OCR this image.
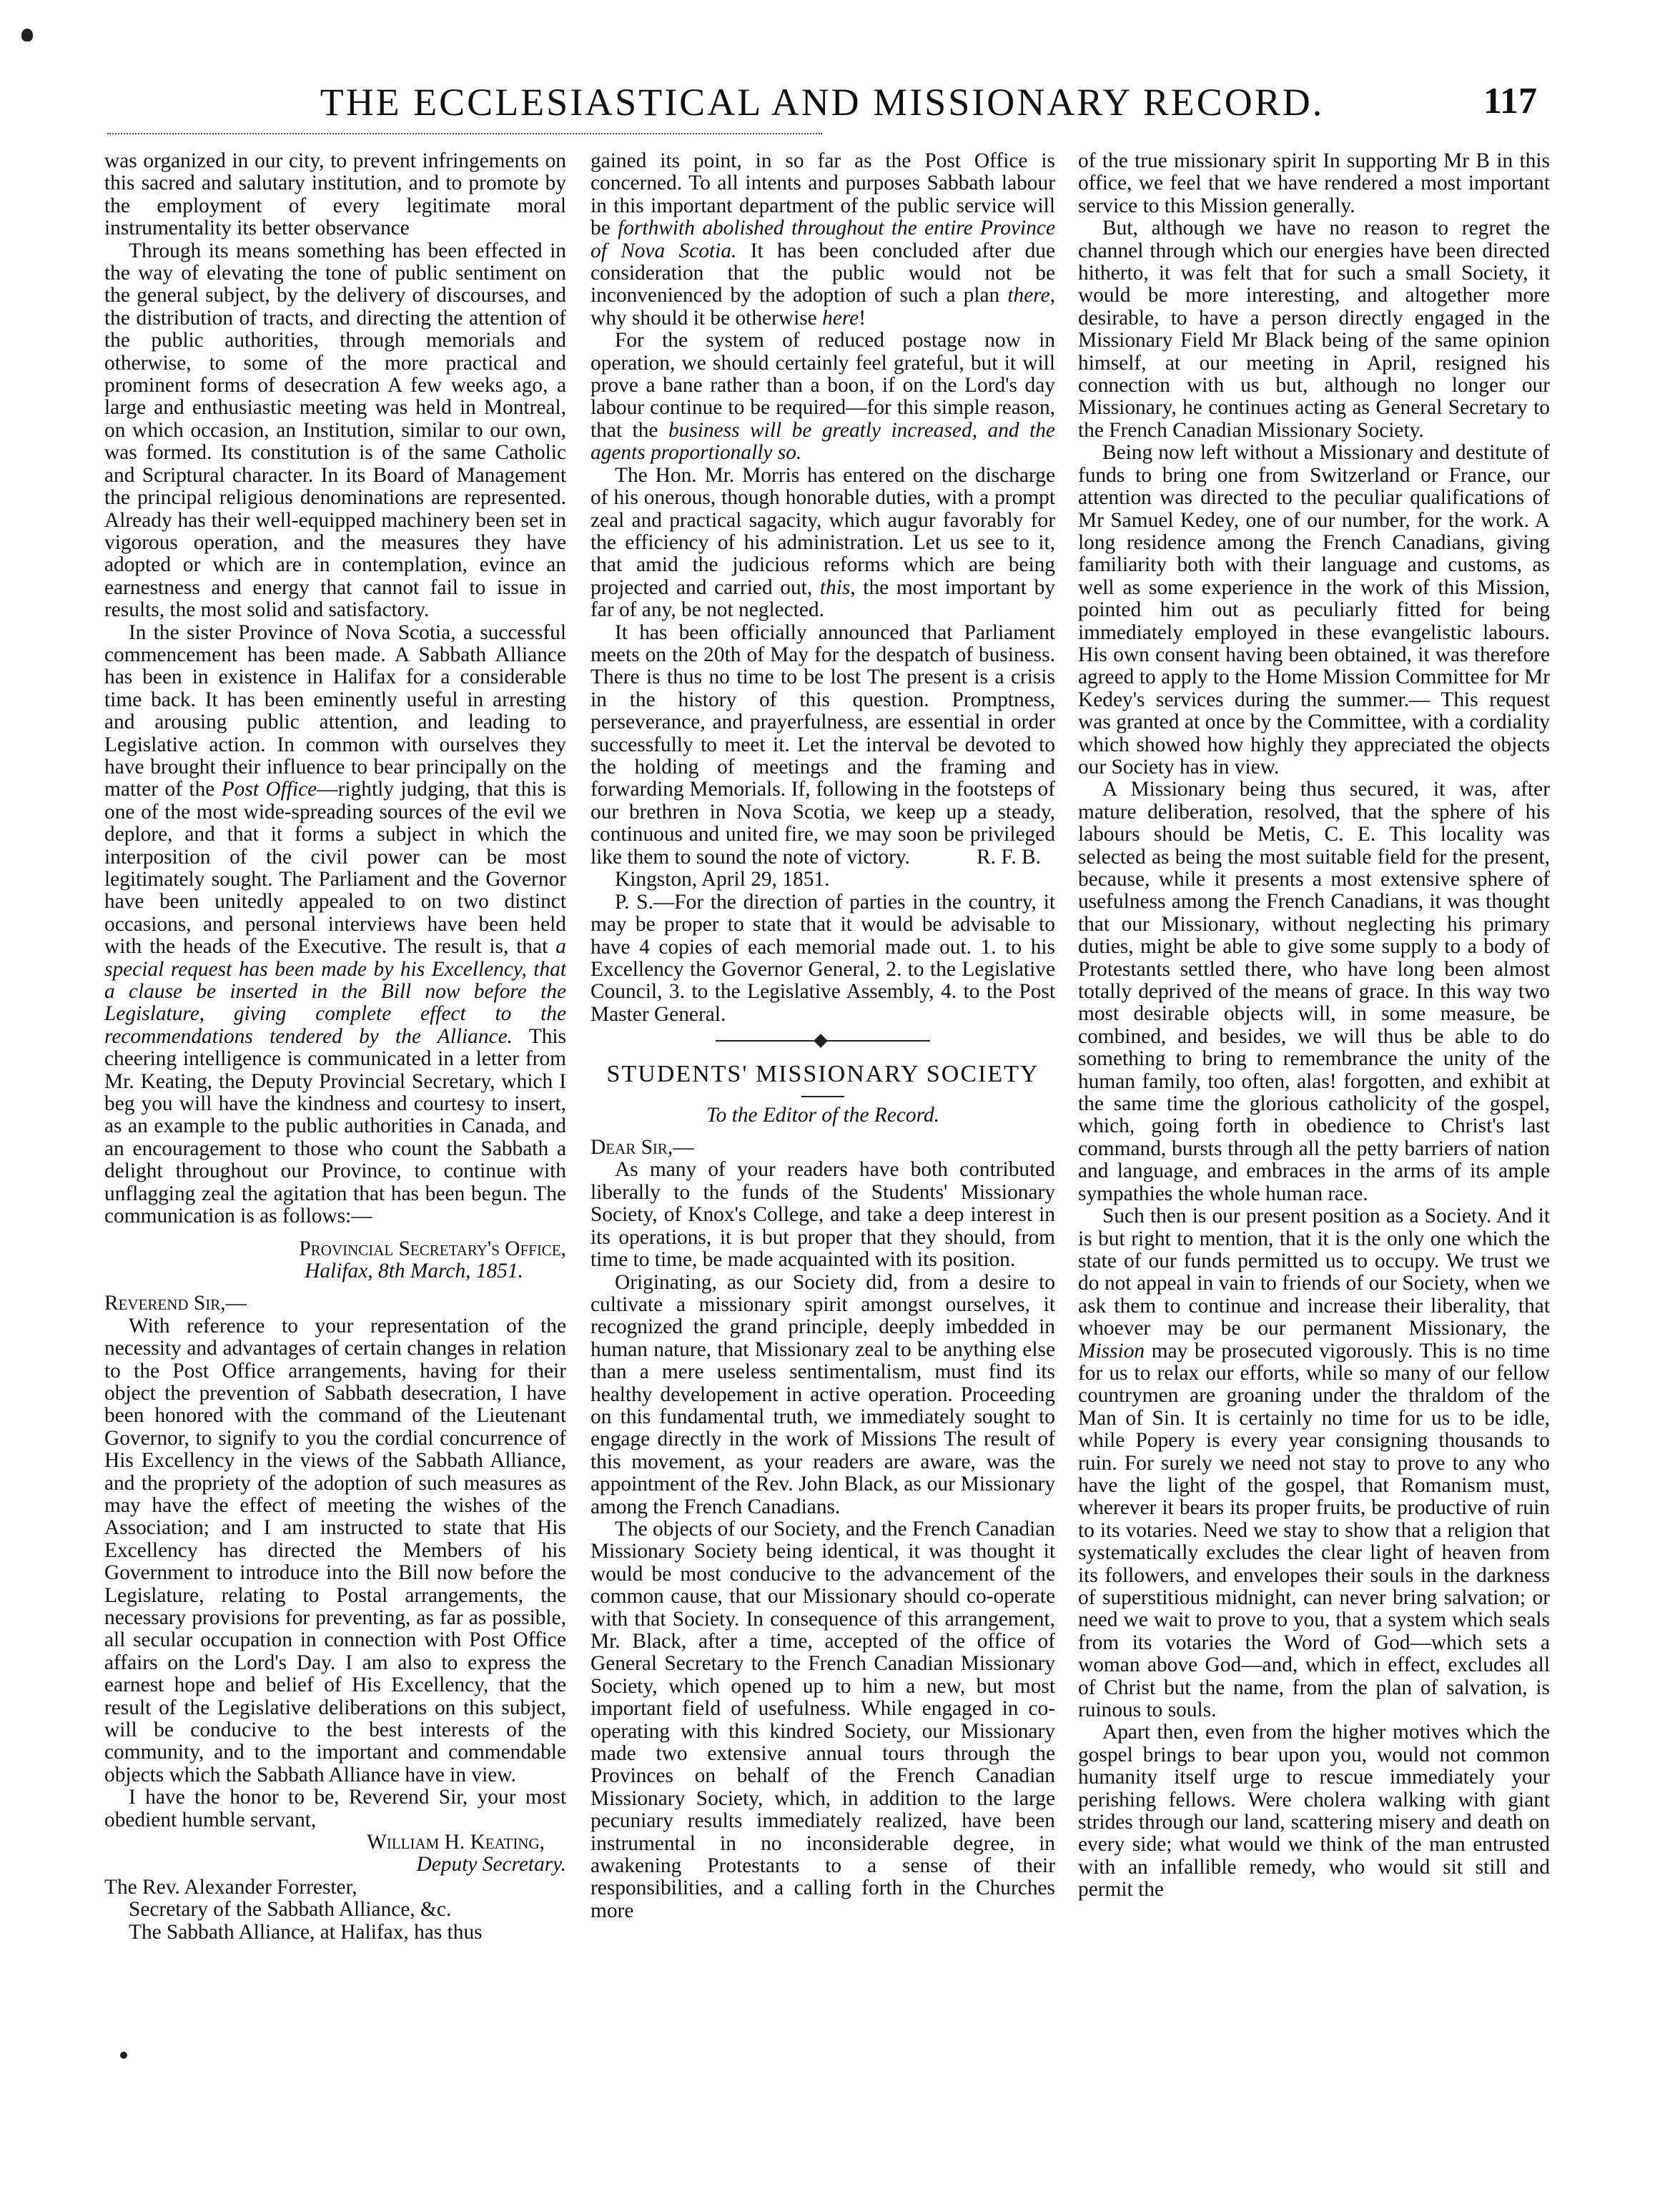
THE ECCLESIASTICAL AND MISSIONARY RECORD.	117

was organized in our city, to prevent infringements on this sacred and salutary institution, and to promote by the employment of every legitimate moral instrumentality its better observance

Through its means something has been effected in the way of elevating the tone of public sentiment on the general subject, by the delivery of discourses, and the distribution of tracts, and directing the attention of the public authorities, through memorials and otherwise, to some of the more practical and prominent forms of desecration A few weeks ago, a large and enthusiastic meeting was held in Montreal, on which occasion, an Institution, similar to our own, was formed. Its constitution is of the same Catholic and Scriptural character. In its Board of Management the principal religious denominations are represented. Already has their well-equipped machinery been set in vigorous operation, and the measures they have adopted or which are in contemplation, evince an earnestness and energy that cannot fail to issue in results, the most solid and satisfactory.

In the sister Province of Nova Scotia, a successful commencement has been made. A Sabbath Alliance has been in existence in Halifax for a considerable time back. It has been eminently useful in arresting and arousing public attention, and leading to Legislative action. In common with ourselves they have brought their influence to bear principally on the matter of the Post Office—rightly judging, that this is one of the most wide-spreading sources of the evil we deplore, and that it forms a subject in which the interposition of the civil power can be most legitimately sought. The Parliament and the Governor have been unitedly appealed to on two distinct occasions, and personal interviews have been held with the heads of the Executive. The result is, that a special request has been made by his Excellency, that a clause be inserted in the Bill now before the Legislature, giving complete effect to the recommendations tendered by the Alliance. This cheering intelligence is communicated in a letter from Mr. Keating, the Deputy Provincial Secretary, which I beg you will have the kindness and courtesy to insert, as an example to the public authorities in Canada, and an encouragement to those who count the Sabbath a delight throughout our Province, to continue with unflagging zeal the agitation that has been begun. The communication is as follows:—

Provincial Secretary's Office,
Halifax, 8th March, 1851.

Reverend Sir,—

With reference to your representation of the necessity and advantages of certain changes in relation to the Post Office arrangements, having for their object the prevention of Sabbath desecration, I have been honored with the command of the Lieutenant Governor, to signify to you the cordial concurrence of His Excellency in the views of the Sabbath Alliance, and the propriety of the adoption of such measures as may have the effect of meeting the wishes of the Association; and I am instructed to state that His Excellency has directed the Members of his Government to introduce into the Bill now before the Legislature, relating to Postal arrangements, the necessary provisions for preventing, as far as possible, all secular occupation in connection with Post Office affairs on the Lord's Day. I am also to express the earnest hope and belief of His Excellency, that the result of the Legislative deliberations on this subject, will be conducive to the best interests of the community, and to the important and commendable objects which the Sabbath Alliance have in view.

I have the honor to be, Reverend Sir, your most obedient humble servant,

William H. Keating,
Deputy Secretary.

The Rev. Alexander Forrester,

Secretary of the Sabbath Alliance, &c.

The Sabbath Alliance, at Halifax, has thus

gained its point, in so far as the Post Office is concerned. To all intents and purposes Sabbath labour in this important department of the public service will be forthwith abolished throughout the entire Province of Nova Scotia. It has been concluded after due consideration that the public would not be inconvenienced by the adoption of such a plan there, why should it be otherwise here!

For the system of reduced postage now in operation, we should certainly feel grateful, but it will prove a bane rather than a boon, if on the Lord's day labour continue to be required—for this simple reason, that the business will be greatly increased, and the agents proportionally so.

The Hon. Mr. Morris has entered on the discharge of his onerous, though honorable duties, with a prompt zeal and practical sagacity, which augur favorably for the efficiency of his administration. Let us see to it, that amid the judicious reforms which are being projected and carried out, this, the most important by far of any, be not neglected.

It has been officially announced that Parliament meets on the 20th of May for the despatch of business. There is thus no time to be lost The present is a crisis in the history of this question. Promptness, perseverance, and prayerfulness, are essential in order successfully to meet it. Let the interval be devoted to the holding of meetings and the framing and forwarding Memorials. If, following in the footsteps of our brethren in Nova Scotia, we keep up a steady, continuous and united fire, we may soon be privileged like them to sound the note of victory.	R. F. B.

Kingston, April 29, 1851.

P. S.—For the direction of parties in the country, it may be proper to state that it would be advisable to have 4 copies of each memorial made out. 1. to his Excellency the Governor General, 2. to the Legislative Council, 3. to the Legislative Assembly, 4. to the Post Master General.

STUDENTS' MISSIONARY SOCIETY
To the Editor of the Record.

Dear Sir,—

As many of your readers have both contributed liberally to the funds of the Students' Missionary Society, of Knox's College, and take a deep interest in its operations, it is but proper that they should, from time to time, be made acquainted with its position.

Originating, as our Society did, from a desire to cultivate a missionary spirit amongst ourselves, it recognized the grand principle, deeply imbedded in human nature, that Missionary zeal to be anything else than a mere useless sentimentalism, must find its healthy developement in active operation. Proceeding on this fundamental truth, we immediately sought to engage directly in the work of Missions The result of this movement, as your readers are aware, was the appointment of the Rev. John Black, as our Missionary among the French Canadians.

The objects of our Society, and the French Canadian Missionary Society being identical, it was thought it would be most conducive to the advancement of the common cause, that our Missionary should co-operate with that Society. In consequence of this arrangement, Mr. Black, after a time, accepted of the office of General Secretary to the French Canadian Missionary Society, which opened up to him a new, but most important field of usefulness. While engaged in co-operating with this kindred Society, our Missionary made two extensive annual tours through the Provinces on behalf of the French Canadian Missionary Society, which, in addition to the large pecuniary results immediately realized, have been instrumental in no inconsiderable degree, in awakening Protestants to a sense of their responsibilities, and a calling forth in the Churches more

of the true missionary spirit In supporting Mr B in this office, we feel that we have rendered a most important service to this Mission generally.

But, although we have no reason to regret the channel through which our energies have been directed hitherto, it was felt that for such a small Society, it would be more interesting, and altogether more desirable, to have a person directly engaged in the Missionary Field Mr Black being of the same opinion himself, at our meeting in April, resigned his connection with us but, although no longer our Missionary, he continues acting as General Secretary to the French Canadian Missionary Society.

Being now left without a Missionary and destitute of funds to bring one from Switzerland or France, our attention was directed to the peculiar qualifications of Mr Samuel Kedey, one of our number, for the work. A long residence among the French Canadians, giving familiarity both with their language and customs, as well as some experience in the work of this Mission, pointed him out as peculiarly fitted for being immediately employed in these evangelistic labours. His own consent having been obtained, it was therefore agreed to apply to the Home Mission Committee for Mr Kedey's services during the summer.— This request was granted at once by the Committee, with a cordiality which showed how highly they appreciated the objects our Society has in view.

A Missionary being thus secured, it was, after mature deliberation, resolved, that the sphere of his labours should be Metis, C. E. This locality was selected as being the most suitable field for the present, because, while it presents a most extensive sphere of usefulness among the French Canadians, it was thought that our Missionary, without neglecting his primary duties, might be able to give some supply to a body of Protestants settled there, who have long been almost totally deprived of the means of grace. In this way two most desirable objects will, in some measure, be combined, and besides, we will thus be able to do something to bring to remembrance the unity of the human family, too often, alas! forgotten, and exhibit at the same time the glorious catholicity of the gospel, which, going forth in obedience to Christ's last command, bursts through all the petty barriers of nation and language, and embraces in the arms of its ample sympathies the whole human race.

Such then is our present position as a Society. And it is but right to mention, that it is the only one which the state of our funds permitted us to occupy. We trust we do not appeal in vain to friends of our Society, when we ask them to continue and increase their liberality, that whoever may be our permanent Missionary, the Mission may be prosecuted vigorously. This is no time for us to relax our efforts, while so many of our fellow countrymen are groaning under the thraldom of the Man of Sin. It is certainly no time for us to be idle, while Popery is every year consigning thousands to ruin. For surely we need not stay to prove to any who have the light of the gospel, that Romanism must, wherever it bears its proper fruits, be productive of ruin to its votaries. Need we stay to show that a religion that systematically excludes the clear light of heaven from its followers, and envelopes their souls in the darkness of superstitious midnight, can never bring salvation; or need we wait to prove to you, that a system which seals from its votaries the Word of God—which sets a woman above God—and, which in effect, excludes all of Christ but the name, from the plan of salvation, is ruinous to souls.

Apart then, even from the higher motives which the gospel brings to bear upon you, would not common humanity itself urge to rescue immediately your perishing fellows. Were cholera walking with giant strides through our land, scattering misery and death on every side; what would we think of the man entrusted with an infallible remedy, who would sit still and permit the
